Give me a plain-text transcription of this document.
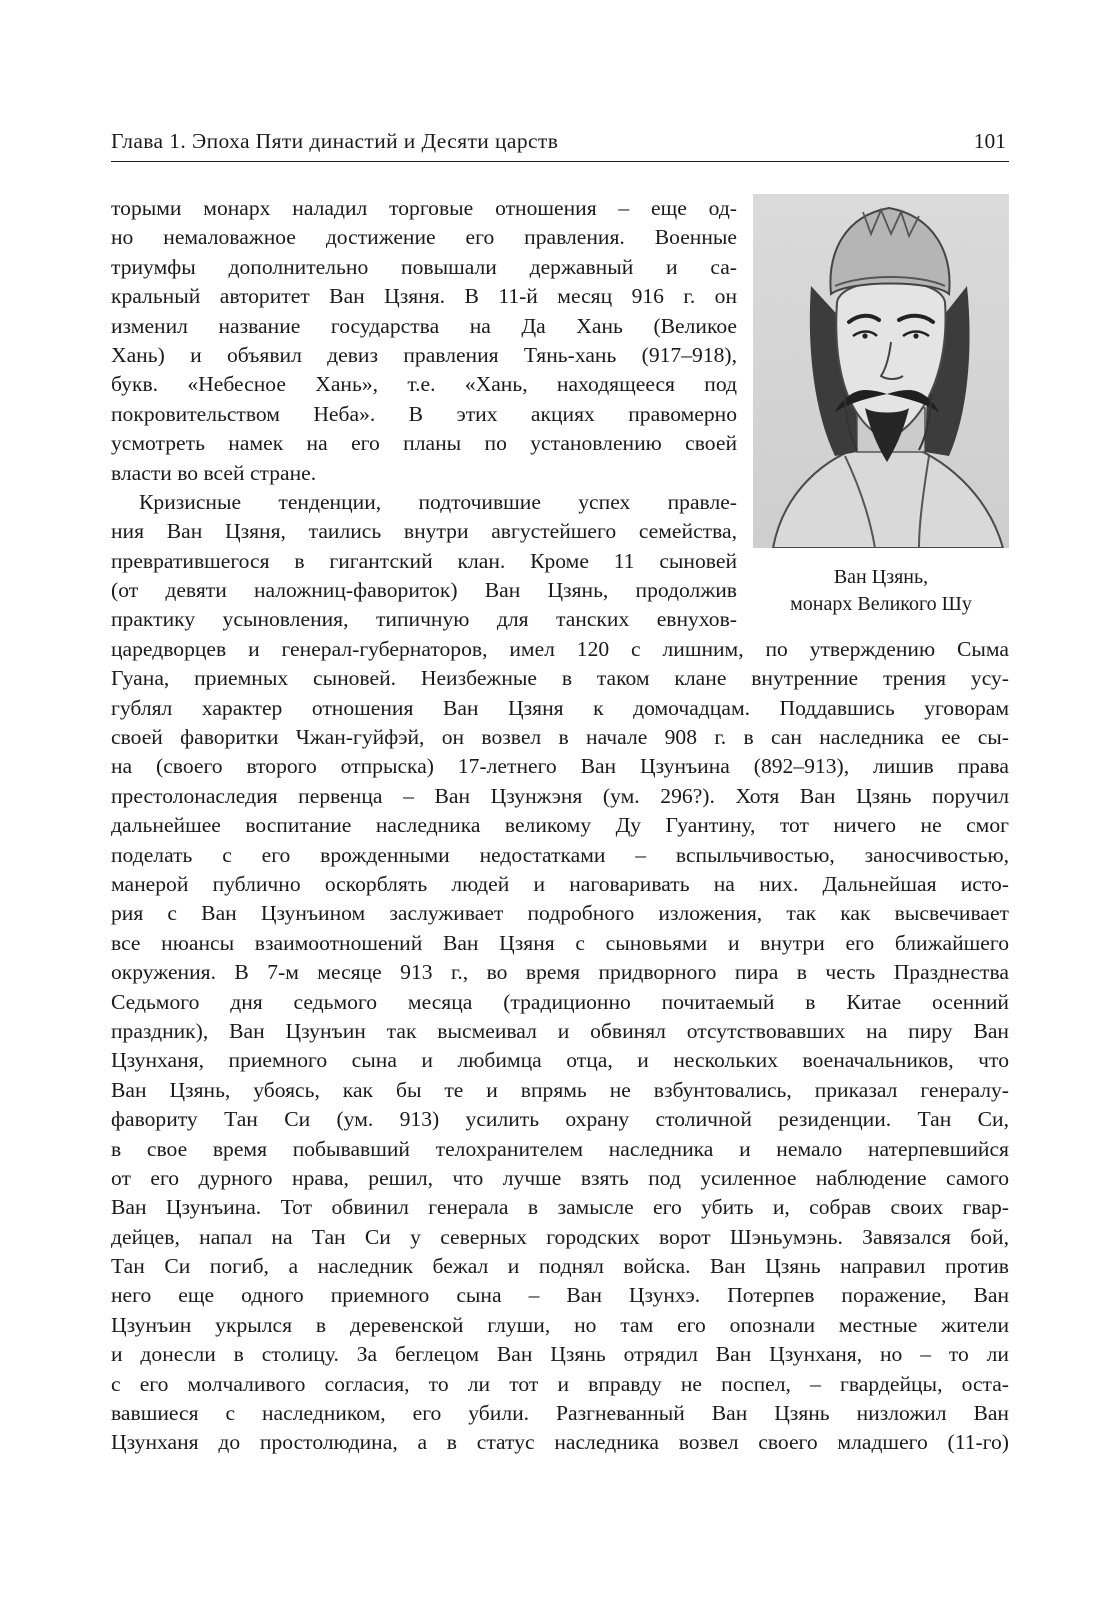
Глава 1. Эпоха Пяти династий и Десяти царств	101
Ван Цзянь,
монарх Великого Шу
торыми монарх наладил торговые отношения – еще од-
но немаловажное достижение его правления. Военные
триумфы дополнительно повышали державный и са-
кральный авторитет Ван Цзяня. В 11-й месяц 916 г. он
изменил название государства на Да Хань (Великое
Хань) и объявил девиз правления Тянь-хань (917–918),
букв. «Небесное Хань», т.е. «Хань, находящееся под
покровительством Неба». В этих акциях правомерно
усмотреть намек на его планы по установлению своей
власти во всей стране.
Кризисные тенденции, подточившие успех правле-
ния Ван Цзяня, таились внутри августейшего семейства,
превратившегося в гигантский клан. Кроме 11 сыновей
(от девяти наложниц-фавориток) Ван Цзянь, продолжив
практику усыновления, типичную для танских евнухов-
царедворцев и генерал-губернаторов, имел 120 с лишним, по утверждению Сыма
Гуана, приемных сыновей. Неизбежные в таком клане внутренние трения усу-
гублял характер отношения Ван Цзяня к домочадцам. Поддавшись уговорам
своей фаворитки Чжан-гуйфэй, он возвел в начале 908 г. в сан наследника ее сы-
на (своего второго отпрыска) 17-летнего Ван Цзунъина (892–913), лишив права
престолонаследия первенца – Ван Цзунжэня (ум. 296?). Хотя Ван Цзянь поручил
дальнейшее воспитание наследника великому Ду Гуантину, тот ничего не смог
поделать с его врожденными недостатками – вспыльчивостью, заносчивостью,
манерой публично оскорблять людей и наговаривать на них. Дальнейшая исто-
рия с Ван Цзунъином заслуживает подробного изложения, так как высвечивает
все нюансы взаимоотношений Ван Цзяня с сыновьями и внутри его ближайшего
окружения. В 7-м месяце 913 г., во время придворного пира в честь Празднества
Седьмого дня седьмого месяца (традиционно почитаемый в Китае осенний
праздник), Ван Цзунъин так высмеивал и обвинял отсутствовавших на пиру Ван
Цзунханя, приемного сына и любимца отца, и нескольких военачальников, что
Ван Цзянь, убоясь, как бы те и впрямь не взбунтовались, приказал генералу-
фавориту Тан Си (ум. 913) усилить охрану столичной резиденции. Тан Си,
в свое время побывавший телохранителем наследника и немало натерпевшийся
от его дурного нрава, решил, что лучше взять под усиленное наблюдение самого
Ван Цзунъина. Тот обвинил генерала в замысле его убить и, собрав своих гвар-
дейцев, напал на Тан Си у северных городских ворот Шэньумэнь. Завязался бой,
Тан Си погиб, а наследник бежал и поднял войска. Ван Цзянь направил против
него еще одного приемного сына – Ван Цзунхэ. Потерпев поражение, Ван
Цзунъин укрылся в деревенской глуши, но там его опознали местные жители
и донесли в столицу. За беглецом Ван Цзянь отрядил Ван Цзунханя, но – то ли
с его молчаливого согласия, то ли тот и вправду не поспел, – гвардейцы, оста-
вавшиеся с наследником, его убили. Разгневанный Ван Цзянь низложил Ван
Цзунханя до простолюдина, а в статус наследника возвел своего младшего (11-го)
